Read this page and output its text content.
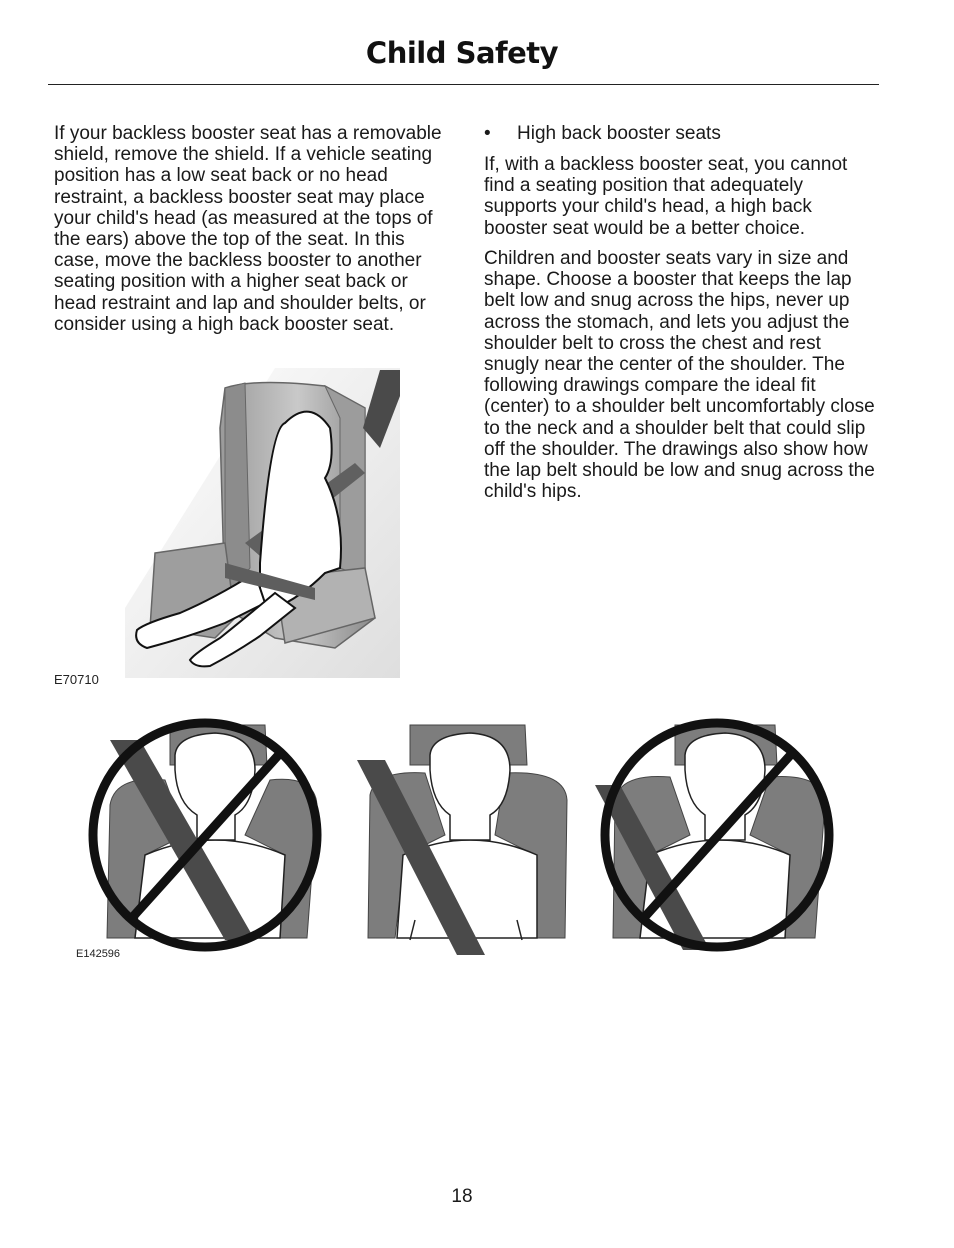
Child Safety

If your backless booster seat has a removable shield, remove the shield. If a vehicle seating position has a low seat back or no head restraint, a backless booster seat may place your child's head (as measured at the tops of the ears) above the top of the seat. In this case, move the backless booster to another seating position with a higher seat back or head restraint and lap and shoulder belts, or consider using a high back booster seat.

• High back booster seats

If, with a backless booster seat, you cannot find a seating position that adequately supports your child's head, a high back booster seat would be a better choice.

Children and booster seats vary in size and shape. Choose a booster that keeps the lap belt low and snug across the hips, never up across the stomach, and lets you adjust the shoulder belt to cross the chest and rest snugly near the center of the shoulder. The following drawings compare the ideal fit (center) to a shoulder belt uncomfortably close to the neck and a shoulder belt that could slip off the shoulder. The drawings also show how the lap belt should be low and snug across the child's hips.

E70710
E142596
18
